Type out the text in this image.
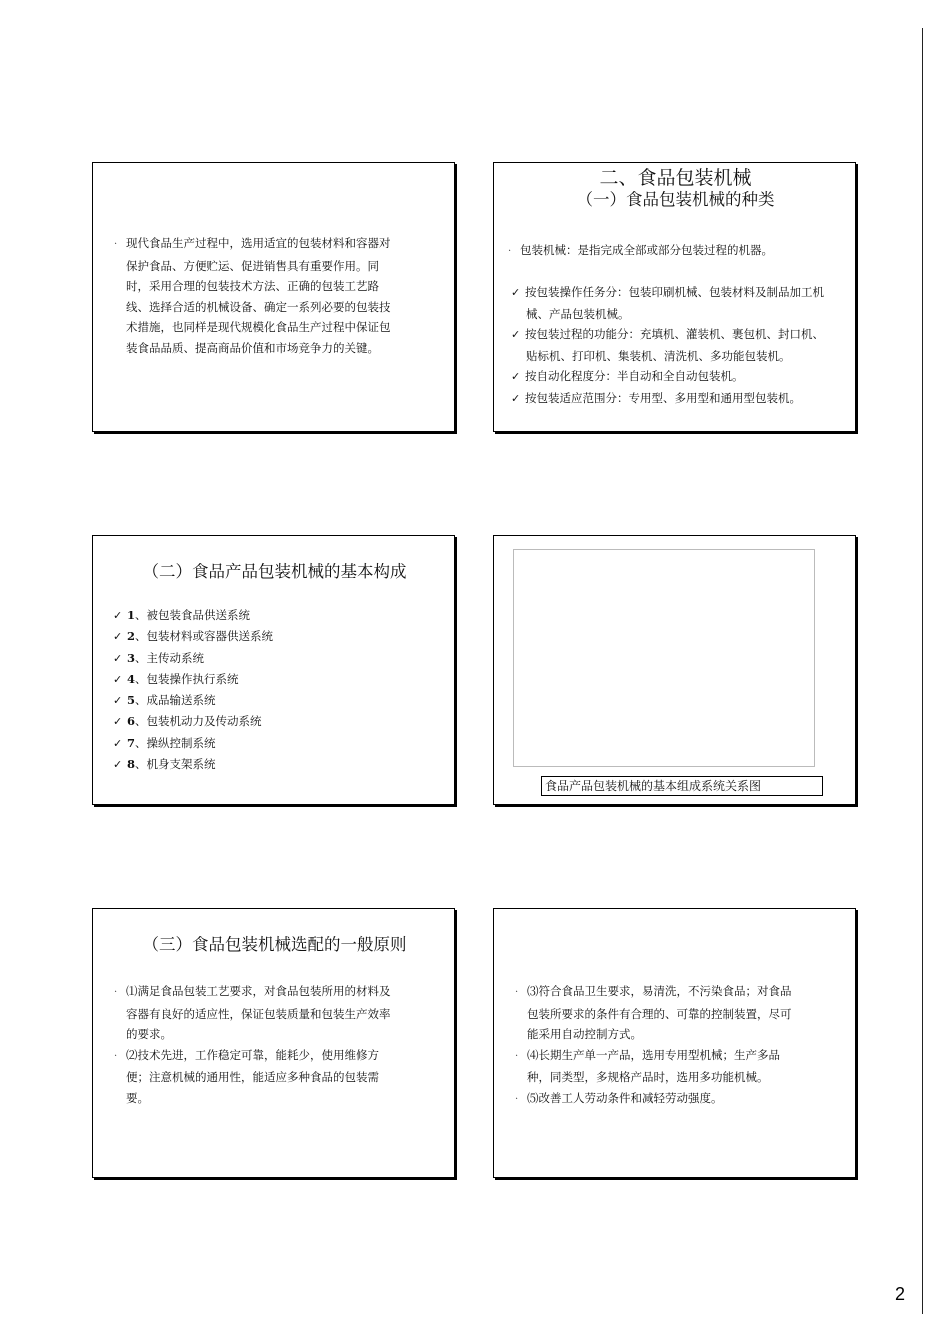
· 现代食品生产过程中，选用适宜的包装材料和容器对保护食品、方便贮运、促进销售具有重要作用。同时，采用合理的包装技术方法、正确的包装工艺路线、选择合适的机械设备、确定一系列必要的包装技术措施，也同样是现代规模化食品生产过程中保证包装食品品质、提高商品价值和市场竞争力的关键。

二、食品包装机械
（一）食品包装机械的种类

· 包装机械：是指完成全部或部分包装过程的机器。

✓ 按包装操作任务分：包装印刷机械、包装材料及制品加工机械、产品包装机械。

✓ 按包装过程的功能分：充填机、灌装机、裹包机、封口机、贴标机、打印机、集装机、清洗机、多功能包装机。

✓ 按自动化程度分：半自动和全自动包装机。

✓ 按包装适应范围分：专用型、多用型和通用型包装机。

（二）食品产品包装机械的基本构成
✓ 1、被包装食品供送系统
✓ 2、包装材料或容器供送系统
✓ 3、主传动系统
✓ 4、包装操作执行系统
✓ 5、成品输送系统
✓ 6、包装机动力及传动系统
✓ 7、操纵控制系统
✓ 8、机身支架系统
食品产品包装机械的基本组成系统关系图
（三）食品包装机械选配的一般原则

· ⑴满足食品包装工艺要求，对食品包装所用的材料及容器有良好的适应性，保证包装质量和包装生产效率的要求。

· ⑵技术先进，工作稳定可靠，能耗少，使用维修方便；注意机械的通用性，能适应多种食品的包装需要。

· ⑶符合食品卫生要求，易清洗，不污染食品；对食品包装所要求的条件有合理的、可靠的控制装置，尽可能采用自动控制方式。

· ⑷长期生产单一产品，选用专用型机械；生产多品种，同类型，多规格产品时，选用多功能机械。

· ⑸改善工人劳动条件和减轻劳动强度。

2
